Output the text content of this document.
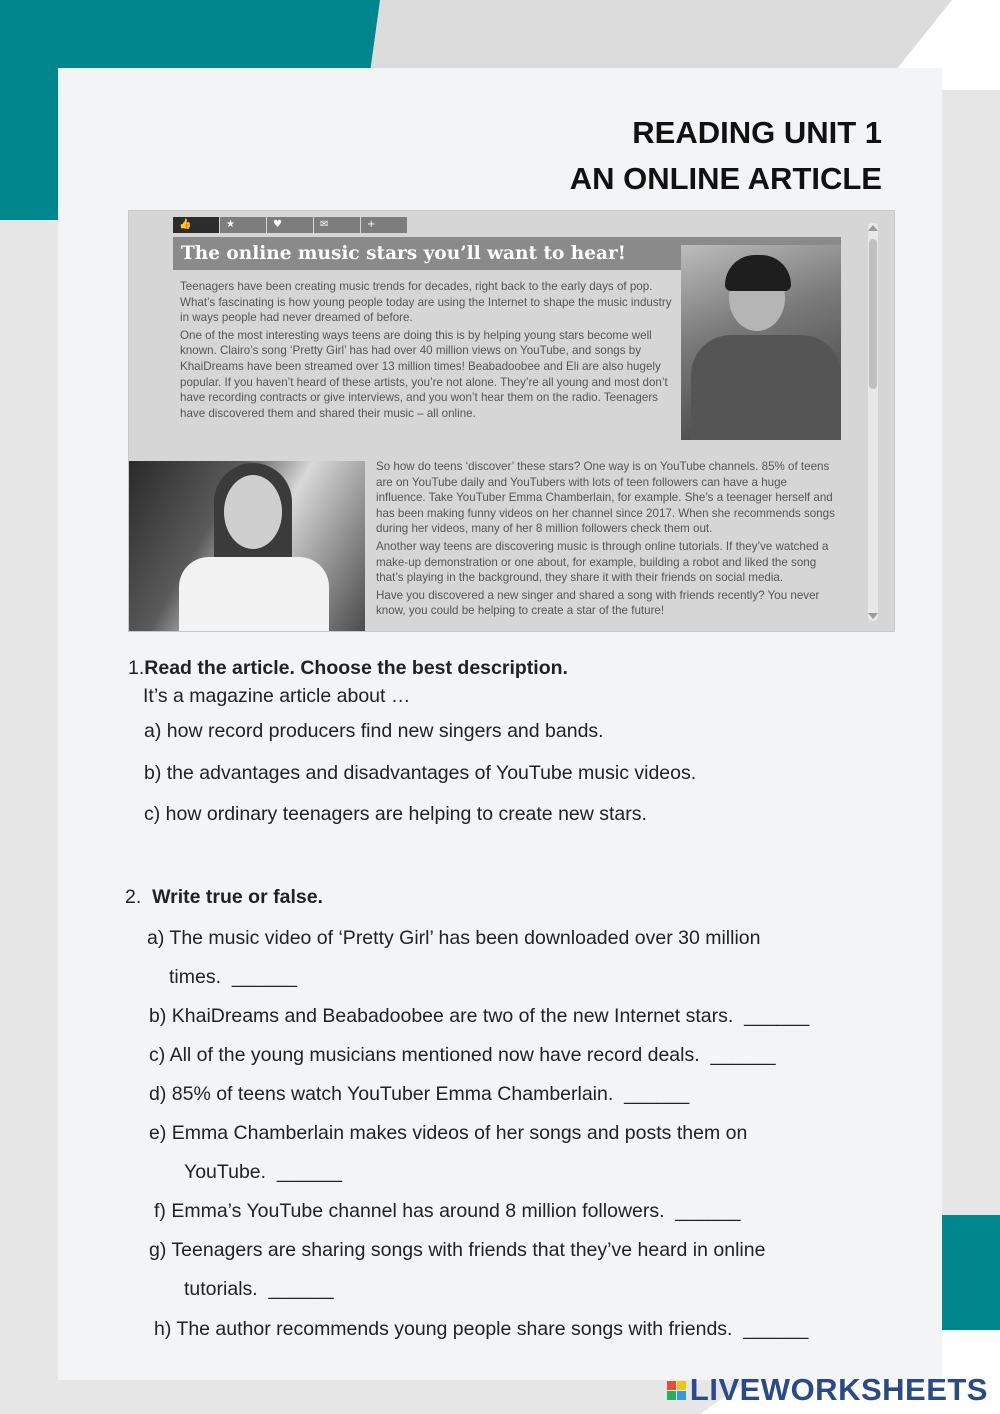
READING UNIT 1
AN ONLINE ARTICLE
👍	★	♥	✉	+
The online music stars you’ll want to hear!

Teenagers have been creating music trends for decades, right back to the early days of pop. What’s fascinating is how young people today are using the Internet to shape the music industry in ways people had never dreamed of before.

One of the most interesting ways teens are doing this is by helping young stars become well known. Clairo’s song ‘Pretty Girl’ has had over 40 million views on YouTube, and songs by KhaiDreams have been streamed over 13 million times! Beabadoobee and Eli are also hugely popular. If you haven’t heard of these artists, you’re not alone. They’re all young and most don’t have recording contracts or give interviews, and you won’t hear them on the radio. Teenagers have discovered them and shared their music – all online.

So how do teens ‘discover’ these stars? One way is on YouTube channels. 85% of teens are on YouTube daily and YouTubers with lots of teen followers can have a huge influence. Take YouTuber Emma Chamberlain, for example. She’s a teenager herself and has been making funny videos on her channel since 2017. When she recommends songs during her videos, many of her 8 million followers check them out.

Another way teens are discovering music is through online tutorials. If they’ve watched a make-up demonstration or one about, for example, building a robot and liked the song that’s playing in the background, they share it with their friends on social media.

Have you discovered a new singer and shared a song with friends recently? You never know, you could be helping to create a star of the future!

1.Read the article. Choose the best description.
It’s a magazine article about …
a) how record producers find new singers and bands.
b) the advantages and disadvantages of YouTube music videos.
c) how ordinary teenagers are helping to create new stars.
2. Write true or false.
a) The music video of ‘Pretty Girl’ has been downloaded over 30 million
times. ______
b) KhaiDreams and Beabadoobee are two of the new Internet stars. ______
c) All of the young musicians mentioned now have record deals. ______
d) 85% of teens watch YouTuber Emma Chamberlain. ______
e) Emma Chamberlain makes videos of her songs and posts them on
YouTube. ______
f) Emma’s YouTube channel has around 8 million followers. ______
g) Teenagers are sharing songs with friends that they’ve heard in online
tutorials. ______
h) The author recommends young people share songs with friends. ______
LIVEWORKSHEETS
